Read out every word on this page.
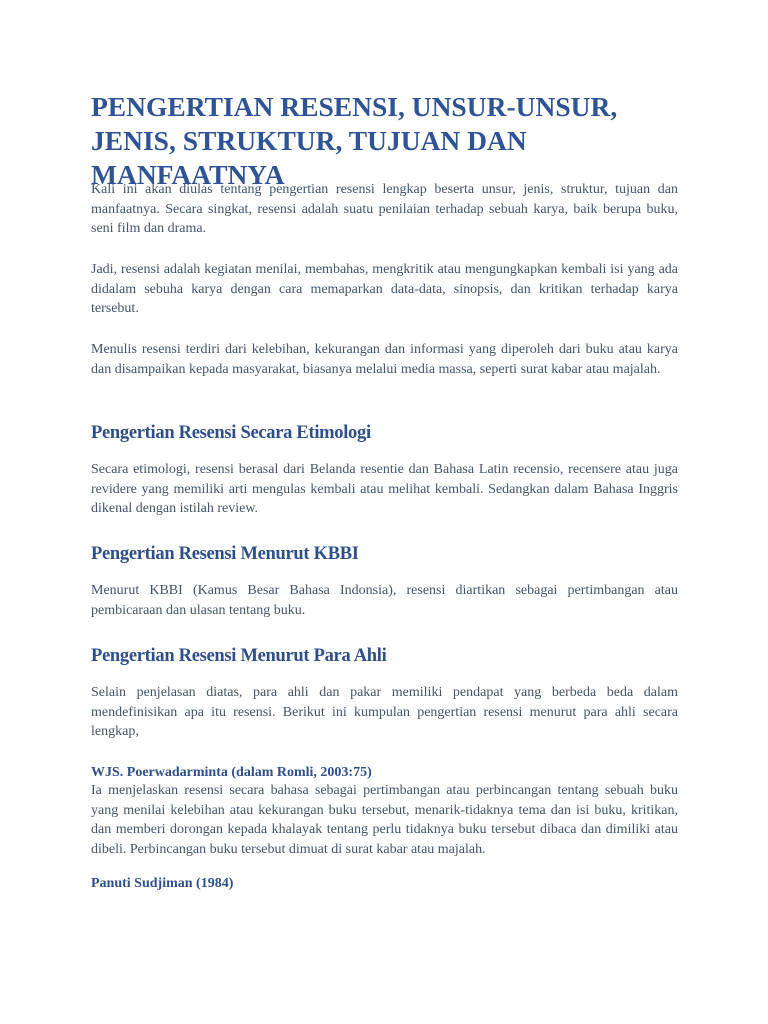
PENGERTIAN RESENSI, UNSUR-UNSUR, JENIS, STRUKTUR, TUJUAN DAN MANFAATNYA

Kali ini akan diulas tentang pengertian resensi lengkap beserta unsur, jenis, struktur, tujuan dan manfaatnya. Secara singkat, resensi adalah suatu penilaian terhadap sebuah karya, baik berupa buku, seni film dan drama.

Jadi, resensi adalah kegiatan menilai, membahas, mengkritik atau mengungkapkan kembali isi yang ada didalam sebuha karya dengan cara memaparkan data-data, sinopsis, dan kritikan terhadap karya tersebut.

Menulis resensi terdiri dari kelebihan, kekurangan dan informasi yang diperoleh dari buku atau karya dan disampaikan kepada masyarakat, biasanya melalui media massa, seperti surat kabar atau majalah.

Pengertian Resensi Secara Etimologi

Secara etimologi, resensi berasal dari Belanda resentie dan Bahasa Latin recensio, recensere atau juga revidere yang memiliki arti mengulas kembali atau melihat kembali. Sedangkan dalam Bahasa Inggris dikenal dengan istilah review.

Pengertian Resensi Menurut KBBI

Menurut KBBI (Kamus Besar Bahasa Indonsia), resensi diartikan sebagai pertimbangan atau pembicaraan dan ulasan tentang buku.

Pengertian Resensi Menurut Para Ahli

Selain penjelasan diatas, para ahli dan pakar memiliki pendapat yang berbeda beda dalam mendefinisikan apa itu resensi. Berikut ini kumpulan pengertian resensi menurut para ahli secara lengkap,

WJS. Poerwadarminta (dalam Romli, 2003:75)

Ia menjelaskan resensi secara bahasa sebagai pertimbangan atau perbincangan tentang sebuah buku yang menilai kelebihan atau kekurangan buku tersebut, menarik-tidaknya tema dan isi buku, kritikan, dan memberi dorongan kepada khalayak tentang perlu tidaknya buku tersebut dibaca dan dimiliki atau dibeli. Perbincangan buku tersebut dimuat di surat kabar atau majalah.

Panuti Sudjiman (1984)
